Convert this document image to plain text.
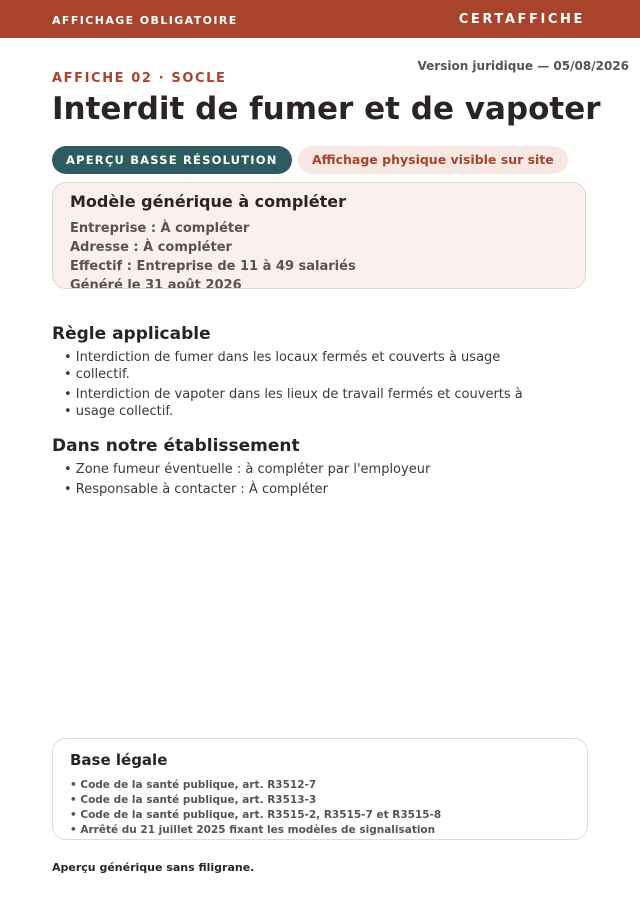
AFFICHAGE OBLIGATOIRE	CERTAFFICHE
Version juridique — 05/08/2026
AFFICHE 02 · SOCLE
Interdit de fumer et de vapoter
APERÇU BASSE RÉSOLUTION	Affichage physique visible sur site
Modèle générique à compléter
Entreprise : À compléter
Adresse : À compléter
Effectif : Entreprise de 11 à 49 salariés
Généré le 31 août 2026
Règle applicable
• Interdiction de fumer dans les locaux fermés et couverts à usage
• collectif.
• Interdiction de vapoter dans les lieux de travail fermés et couverts à
• usage collectif.
Dans notre établissement
• Zone fumeur éventuelle : à compléter par l'employeur
• Responsable à contacter : À compléter
Base légale
• Code de la santé publique, art. R3512-7
• Code de la santé publique, art. R3513-3
• Code de la santé publique, art. R3515-2, R3515-7 et R3515-8
• Arrêté du 21 juillet 2025 fixant les modèles de signalisation
Aperçu générique sans filigrane.
